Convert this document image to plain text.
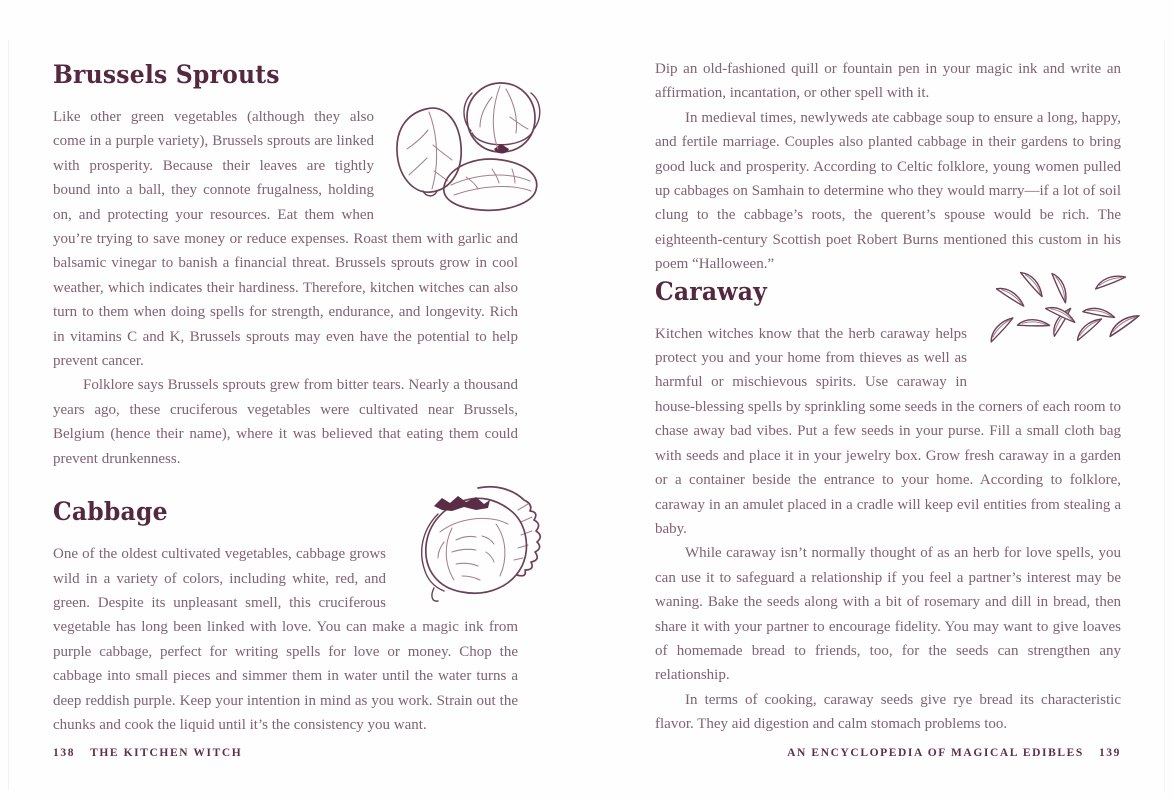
Brussels Sprouts

Like other green vegetables (although they also come in a purple variety), Brussels sprouts are linked with prosperity. Because their leaves are tightly bound into a ball, they connote frugalness, holding on, and protecting your resources. Eat them when you’re trying to save money or reduce expenses. Roast them with garlic and balsamic vinegar to banish a financial threat. Brussels sprouts grow in cool weather, which indicates their hardiness. Therefore, kitchen witches can also turn to them when doing spells for strength, endurance, and longevity. Rich in vitamins C and K, Brussels sprouts may even have the potential to help prevent cancer.

Folklore says Brussels sprouts grew from bitter tears. Nearly a thousand years ago, these cruciferous vegetables were cultivated near Brussels, Belgium (hence their name), where it was believed that eating them could prevent drunkenness.

Cabbage

One of the oldest cultivated vegetables, cabbage grows wild in a variety of colors, including white, red, and green. Despite its unpleasant smell, this cruciferous vegetable has long been linked with love. You can make a magic ink from purple cabbage, perfect for writing spells for love or money. Chop the cabbage into small pieces and simmer them in water until the water turns a deep reddish purple. Keep your intention in mind as you work. Strain out the chunks and cook the liquid until it’s the consistency you want.

Dip an old-fashioned quill or fountain pen in your magic ink and write an affirmation, incantation, or other spell with it.

In medieval times, newlyweds ate cabbage soup to ensure a long, happy, and fertile marriage. Couples also planted cabbage in their gardens to bring good luck and prosperity. According to Celtic folklore, young women pulled up cabbages on Samhain to determine who they would marry—if a lot of soil clung to the cabbage’s roots, the querent’s spouse would be rich. The eighteenth-century Scottish poet Robert Burns mentioned this custom in his poem “Halloween.”

Caraway

Kitchen witches know that the herb caraway helps protect you and your home from thieves as well as harmful or mischievous spirits. Use caraway in house-blessing spells by sprinkling some seeds in the corners of each room to chase away bad vibes. Put a few seeds in your purse. Fill a small cloth bag with seeds and place it in your jewelry box. Grow fresh caraway in a garden or a container beside the entrance to your home. According to folklore, caraway in an amulet placed in a cradle will keep evil entities from stealing a baby.

While caraway isn’t normally thought of as an herb for love spells, you can use it to safeguard a relationship if you feel a partner’s interest may be waning. Bake the seeds along with a bit of rosemary and dill in bread, then share it with your partner to encourage fidelity. You may want to give loaves of homemade bread to friends, too, for the seeds can strengthen any relationship.

In terms of cooking, caraway seeds give rye bread its characteristic flavor. They aid digestion and calm stomach problems too.

138 THE KITCHEN WITCH	AN ENCYCLOPEDIA OF MAGICAL EDIBLES 139
